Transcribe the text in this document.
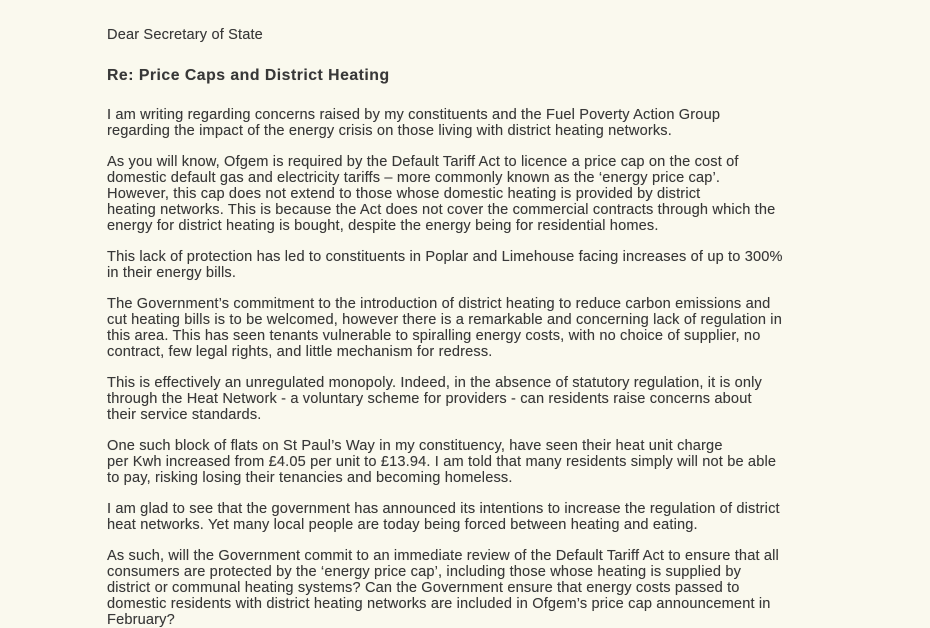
Dear Secretary of State

Re: Price Caps and District Heating

I am writing regarding concerns raised by my constituents and the Fuel Poverty Action Group
regarding the impact of the energy crisis on those living with district heating networks.
As you will know, Ofgem is required by the Default Tariff Act to licence a price cap on the cost of
domestic default gas and electricity tariffs – more commonly known as the ‘energy price cap’.
However, this cap does not extend to those whose domestic heating is provided by district
heating networks. This is because the Act does not cover the commercial contracts through which the
energy for district heating is bought, despite the energy being for residential homes.
This lack of protection has led to constituents in Poplar and Limehouse facing increases of up to 300%
in their energy bills.
The Government’s commitment to the introduction of district heating to reduce carbon emissions and
cut heating bills is to be welcomed, however there is a remarkable and concerning lack of regulation in
this area. This has seen tenants vulnerable to spiralling energy costs, with no choice of supplier, no
contract, few legal rights, and little mechanism for redress.
This is effectively an unregulated monopoly. Indeed, in the absence of statutory regulation, it is only
through the Heat Network - a voluntary scheme for providers - can residents raise concerns about
their service standards.
One such block of flats on St Paul’s Way in my constituency, have seen their heat unit charge
per Kwh increased from £4.05 per unit to £13.94. I am told that many residents simply will not be able
to pay, risking losing their tenancies and becoming homeless.
I am glad to see that the government has announced its intentions to increase the regulation of district
heat networks. Yet many local people are today being forced between heating and eating.
As such, will the Government commit to an immediate review of the Default Tariff Act to ensure that all
consumers are protected by the ‘energy price cap’, including those whose heating is supplied by
district or communal heating systems? Can the Government ensure that energy costs passed to
domestic residents with district heating networks are included in Ofgem’s price cap announcement in
February?
